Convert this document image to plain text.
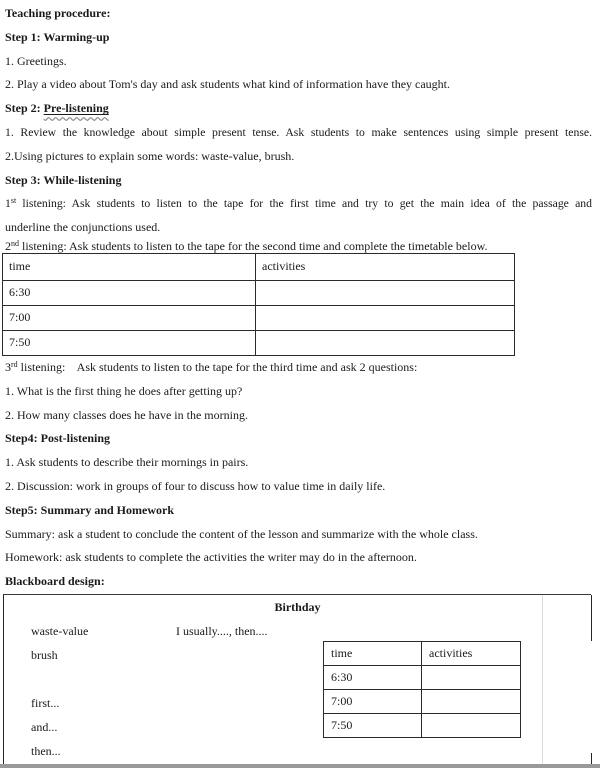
Teaching procedure:
Step 1: Warming-up
1. Greetings.
2. Play a video about Tom's day and ask students what kind of information have they caught.
Step 2: Pre-listening
1. Review the knowledge about simple present tense. Ask students to make sentences using simple present tense.
2.Using pictures to explain some words: waste-value, brush.
Step 3: While-listening
1st listening: Ask students to listen to the tape for the first time and try to get the main idea of the passage and
underline the conjunctions used.
2nd listening: Ask students to listen to the tape for the second time and complete the timetable below.
time	activities
6:30	
7:00	
7:50	
3rd listening:    Ask students to listen to the tape for the third time and ask 2 questions:
1. What is the first thing he does after getting up?
2. How many classes does he have in the morning.
Step4: Post-listening
1. Ask students to describe their mornings in pairs.
2. Discussion: work in groups of four to discuss how to value time in daily life.
Step5: Summary and Homework
Summary: ask a student to conclude the content of the lesson and summarize with the whole class.
Homework: ask students to complete the activities the writer may do in the afternoon.
Blackboard design:
Birthday
waste-value	I usually...., then....
brush
first...
and...
then...
time	activities
6:30	
7:00	
7:50	
